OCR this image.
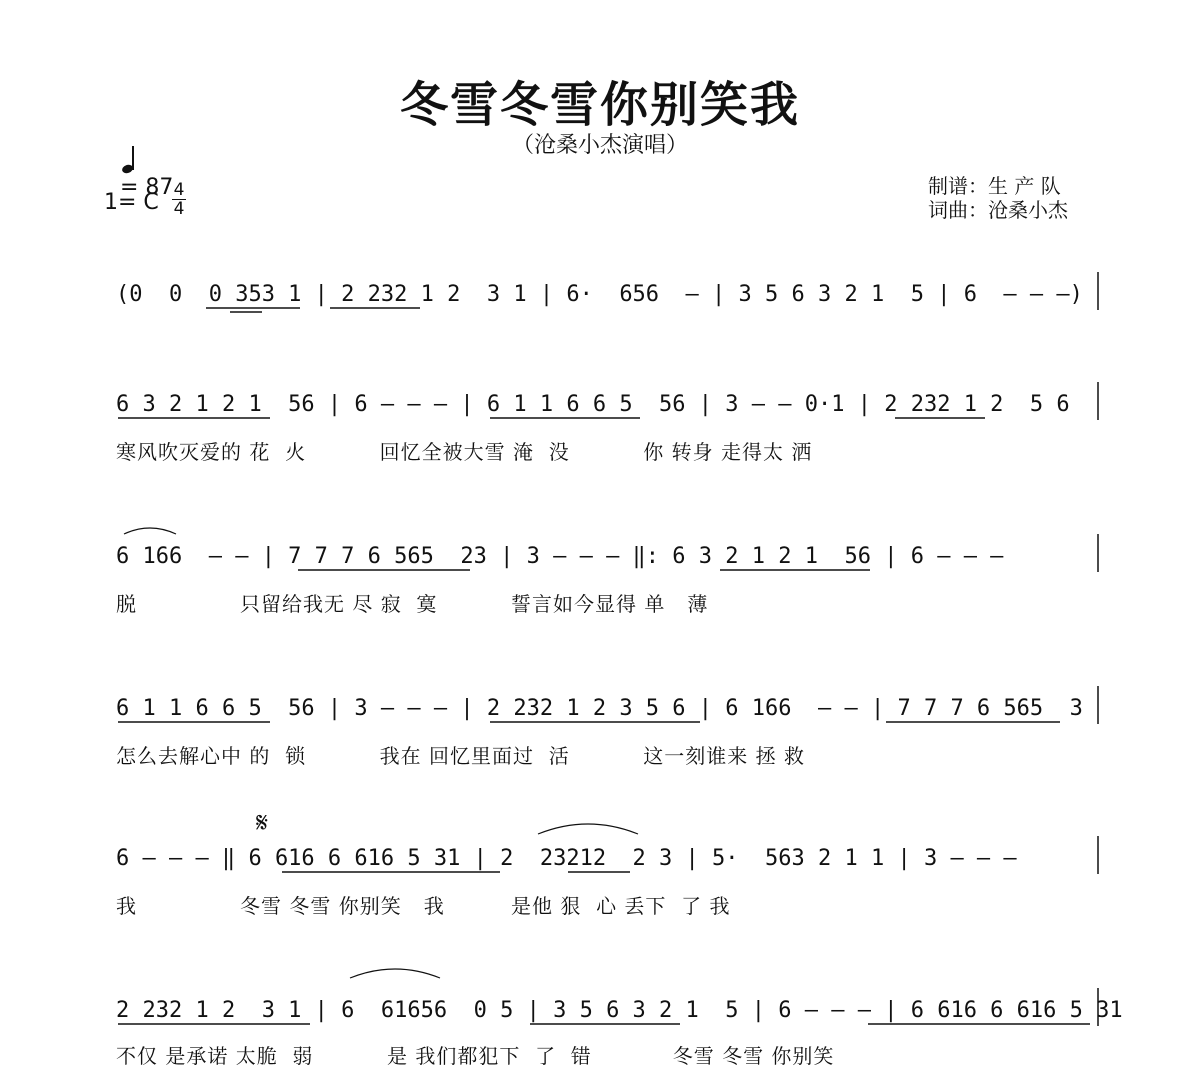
冬雪冬雪你别笑我
（沧桑小杰演唱）

= 87

1= C 4
4
制谱：生 产 队
词曲：沧桑小杰
(0  0  0 353 1 | 2 232 1 2  3 1 | 6·  656  — | 3 5 6 3 2 1  5 | 6  — — —)
6 3 2 1 2 1  56 | 6 — — — | 6 1 1 6 6 5  56 | 3 — — 0·1 | 2 232 1 2  5 6
寒风吹灭爱的 花  火          回忆全被大雪 淹  没          你 转身 走得太 洒
6 166  — — | 7 7 7 6 565  23 | 3 — — — ‖: 6 3 2 1 2 1  56 | 6 — — —
脱              只留给我无 尽 寂  寞          誓言如今显得 单   薄
6 1 1 6 6 5  56 | 3 — — — | 2 232 1 2 3 5 6 | 6 166  — — | 7 7 7 6 565  3
怎么去解心中 的  锁          我在 回忆里面过  活          这一刻谁来 拯 救
𝄋
6 — — — ‖ 6 616 6 616 5 31 | 2  23212  2 3 | 5·  563 2 1 1 | 3 — — —
我              冬雪 冬雪 你别笑   我         是他 狠  心 丢下  了 我
2 232 1 2  3 1 | 6  61656  0 5 | 3 5 6 3 2 1  5 | 6 — — — | 6 616 6 616 5 31
不仅 是承诺 太脆  弱          是 我们都犯下  了  错           冬雪 冬雪 你别笑
